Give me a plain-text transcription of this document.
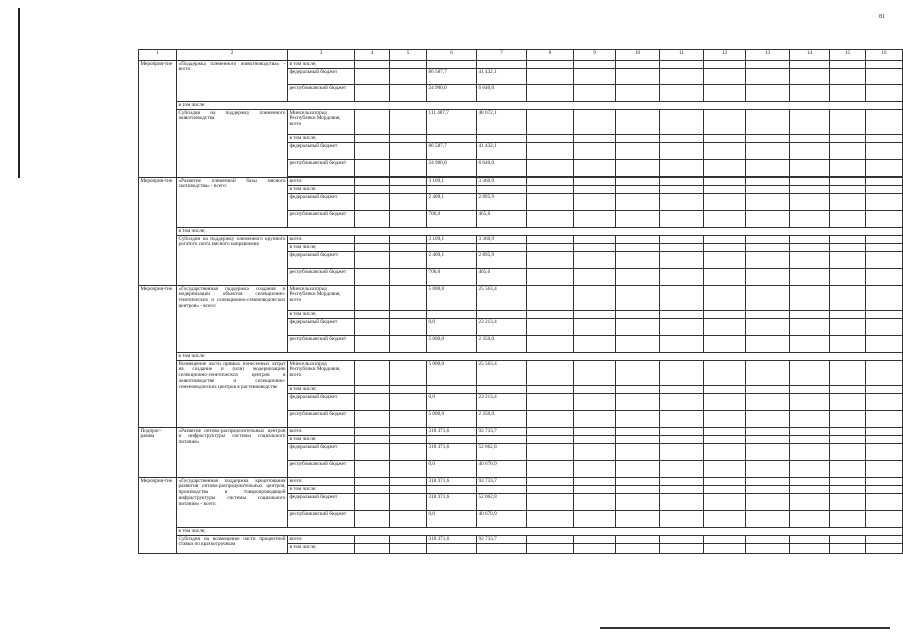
81
1	2	3	4	5	6	7	8	9	10	11	12	13	14	15	16
Мероприя-тие	«Поддержка племенного животноводства» - всего:	в том числе;													
		федеральный бюджет			86 587,7	41 432,1									
		республиканский бюджет			24 900,0	6 640,0									
	в том числе:														
	Субсидии на поддержку племенного животноводства	Минсельхозпрод Республики Мордовия, всего			111 487,7	48 072,1									
		в том числе;													
		федеральный бюджет			86 587,7	41 432,1									
		республиканский бюджет			24 900,0	6 640,0									

Мероприя-тие	«Развитие племенной базы мясного скотоводства» - всего:	всего:			3 109,1	3 360,9									
		в том числе:													
		федеральный бюджет			2 409,1	2 895,9									
		республиканский бюджет			700,0	465,0									
	в том числе;														
	Субсидии на поддержку племенного крупного рогатого скота мясного направления	всего:			3 109,1	3 360,9									
		в том числе;													
		федеральный бюджет:			2 409,1	2 895,9									
		республиканский бюджет			700,0	465,0									
Мероприя-тие	«Государственная поддержка создания и модернизации объектов селекционно-генетических и селекционно-семеноводческих центров» - всего:	Минсельхозпрод Республики Мордовия, всего			5 000,0	25 563,4									
		в том числе;													
		федеральный бюджет			0,0	23 213,4									
		республиканский бюджет			5 000,0	2 350,0									
	в том числе:														
	Возмещение части прямых понесенных затрат на создание и (или) модернизацию селекционно-генетических центров в животноводстве и селекционно-семеноводческих центров в растениеводстве	Минсельхозпрод Республики Мордовия, всего			5 000,0	25 563,4									
		в том числе;													
		федеральный бюджет			0,0	23 213,4									
		республиканский бюджет			5 000,0	2 350,0									
Подпрог-рамма	«Развитие оптово-распределительных центров и инфраструктуры системы социального питания»	всего:			318 371,6	92 733,7									
		в том числе:													
		федеральный бюджет			318 371,6	52 062,8									
		республиканский бюджет			0,0	40 670,9									
Мероприя-тие	«Государственная поддержка кредитования развития оптово-распределительных центров, производства и товаропроводящей инфраструктуры системы социального питания» - всего:	всего:			318 371,6	92 733,7									
		в том числе:													
		федеральный бюджет			318 371,6	52 062,8									
		республиканский бюджет			0,0	40 670,9									
	в том числе;														
	Субсидии на возмещение части процентной ставки по краткосрочным	всего:			318 371,6	92 733,7									
		в том числе;													
